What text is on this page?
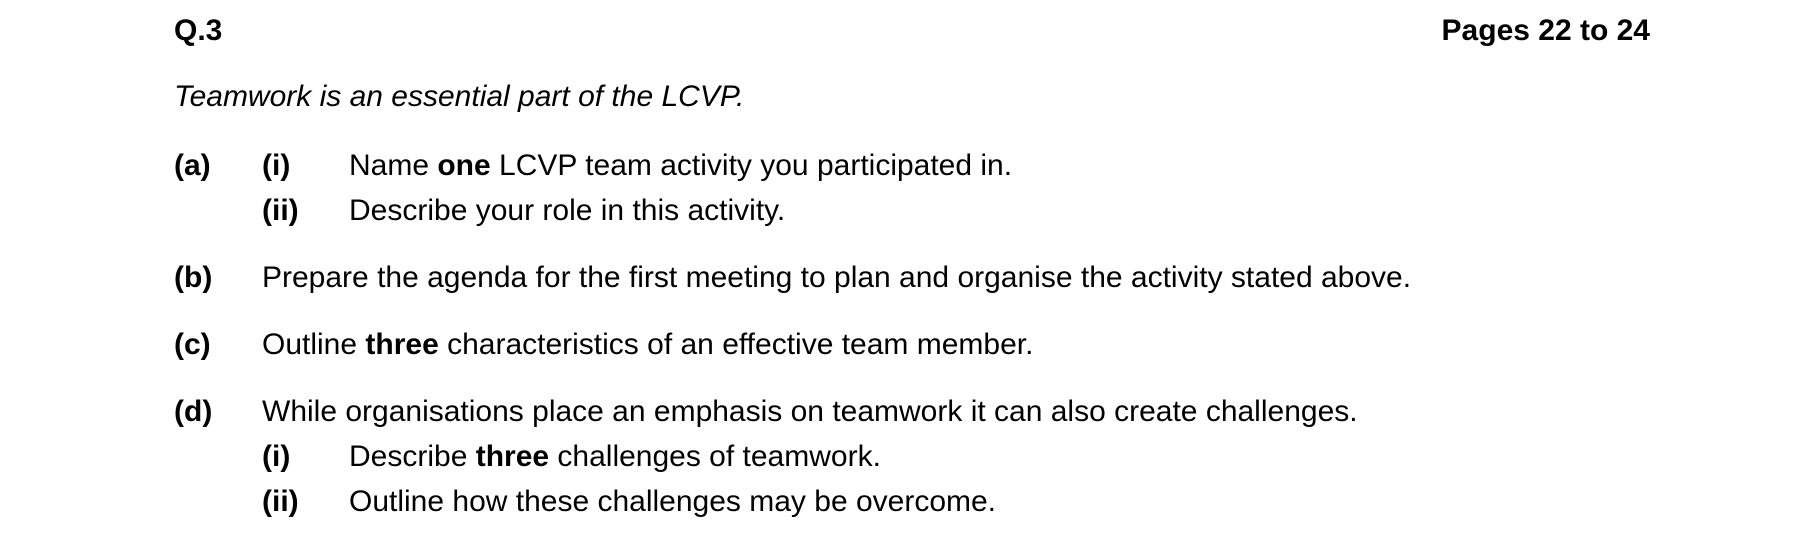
Q.3	Pages 22 to 24
Teamwork is an essential part of the LCVP.
(a) (i) Name one LCVP team activity you participated in.
(ii) Describe your role in this activity.
(b) Prepare the agenda for the first meeting to plan and organise the activity stated above.
(c) Outline three characteristics of an effective team member.
(d) While organisations place an emphasis on teamwork it can also create challenges.
(i) Describe three challenges of teamwork.
(ii) Outline how these challenges may be overcome.
